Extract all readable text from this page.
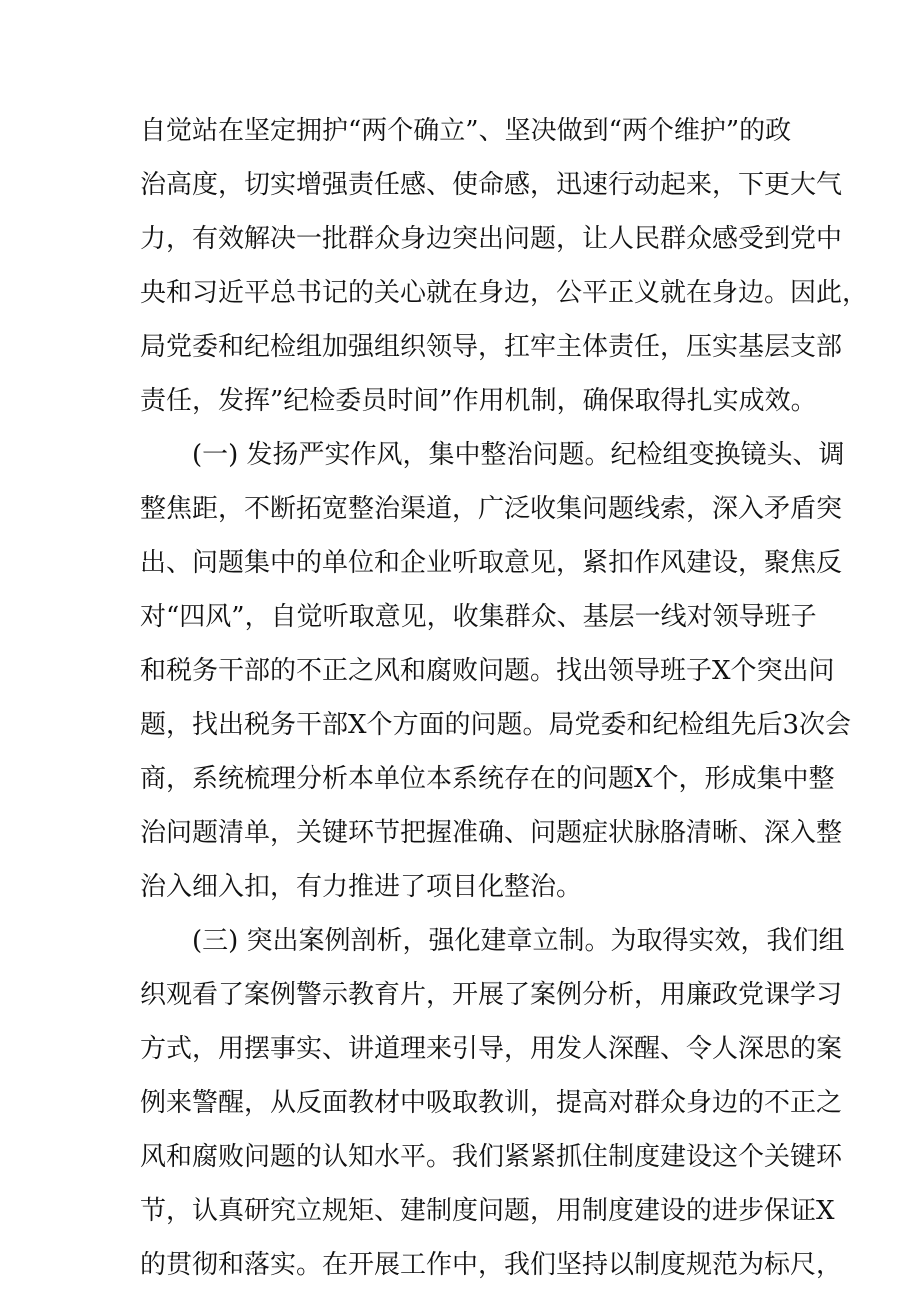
自觉站在坚定拥护“两个确立”、坚决做到“两个维护”的政
治高度，切实增强责任感、使命感，迅速行动起来，下更大气
力，有效解决一批群众身边突出问题，让人民群众感受到党中
央和习近平总书记的关心就在身边，公平正义就在身边。因此，
局党委和纪检组加强组织领导，扛牢主体责任，压实基层支部
责任，发挥”纪检委员时间”作用机制，确保取得扎实成效。
(一) 发扬严实作风，集中整治问题。纪检组变换镜头、调
整焦距，不断拓宽整治渠道，广泛收集问题线索，深入矛盾突
出、问题集中的单位和企业听取意见，紧扣作风建设，聚焦反
对“四风”，自觉听取意见，收集群众、基层一线对领导班子
和税务干部的不正之风和腐败问题。找出领导班子X个突出问
题，找出税务干部X个方面的问题。局党委和纪检组先后3次会
商，系统梳理分析本单位本系统存在的问题X个，形成集中整
治问题清单，关键环节把握准确、问题症状脉胳清晰、深入整
治入细入扣，有力推进了项目化整治。
(三) 突出案例剖析，强化建章立制。为取得实效，我们组
织观看了案例警示教育片，开展了案例分析，用廉政党课学习
方式，用摆事实、讲道理来引导，用发人深醒、令人深思的案
例来警醒，从反面教材中吸取教训，提高对群众身边的不正之
风和腐败问题的认知水平。我们紧紧抓住制度建设这个关键环
节，认真研究立规矩、建制度问题，用制度建设的进步保证X
的贯彻和落实。在开展工作中，我们坚持以制度规范为标尺，
